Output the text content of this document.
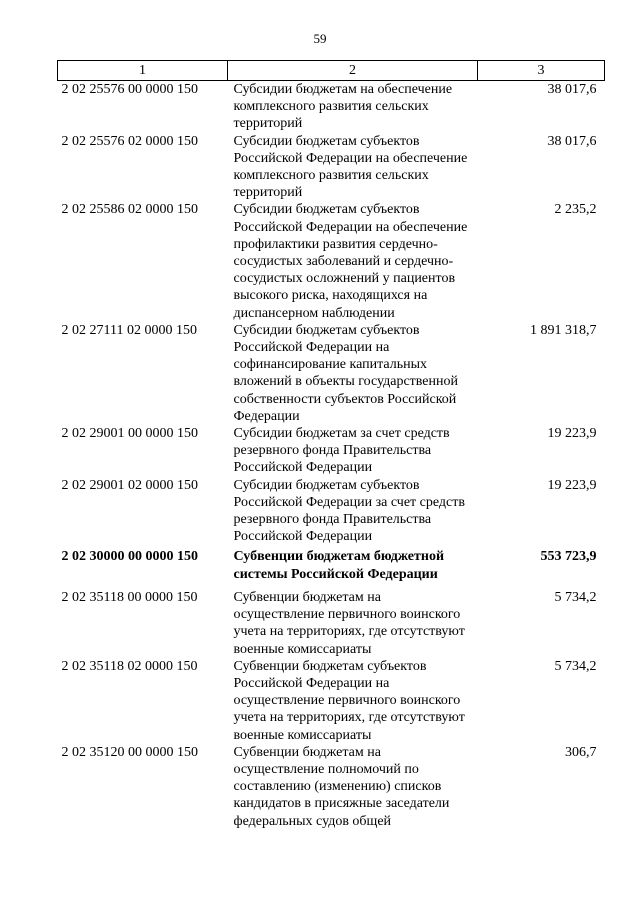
59
1	2	3
2 02 25576 00 0000 150	Субсидии бюджетам на обеспечение комплексного развития сельских территорий	38 017,6
2 02 25576 02 0000 150	Субсидии бюджетам субъектов Российской Федерации на обеспечение комплексного развития сельских территорий	38 017,6
2 02 25586 02 0000 150	Субсидии бюджетам субъектов Российской Федерации на обеспечение профилактики развития сердечно-сосудистых заболеваний и сердечно-сосудистых осложнений у пациентов высокого риска, находящихся на диспансерном наблюдении	2 235,2
2 02 27111 02 0000 150	Субсидии бюджетам субъектов Российской Федерации на софинансирование капитальных вложений в объекты государственной собственности субъектов Российской Федерации	1 891 318,7
2 02 29001 00 0000 150	Субсидии бюджетам за счет средств резервного фонда Правительства Российской Федерации	19 223,9
2 02 29001 02 0000 150	Субсидии бюджетам субъектов Российской Федерации за счет средств резервного фонда Правительства Российской Федерации	19 223,9
2 02 30000 00 0000 150	Субвенции бюджетам бюджетной системы Российской Федерации	553 723,9
2 02 35118 00 0000 150	Субвенции бюджетам на осуществление первичного воинского учета на территориях, где отсутствуют военные комиссариаты	5 734,2
2 02 35118 02 0000 150	Субвенции бюджетам субъектов Российской Федерации на осуществление первичного воинского учета на территориях, где отсутствуют военные комиссариаты	5 734,2
2 02 35120 00 0000 150	Субвенции бюджетам на осуществление полномочий по составлению (изменению) списков кандидатов в присяжные заседатели федеральных судов общей	306,7
